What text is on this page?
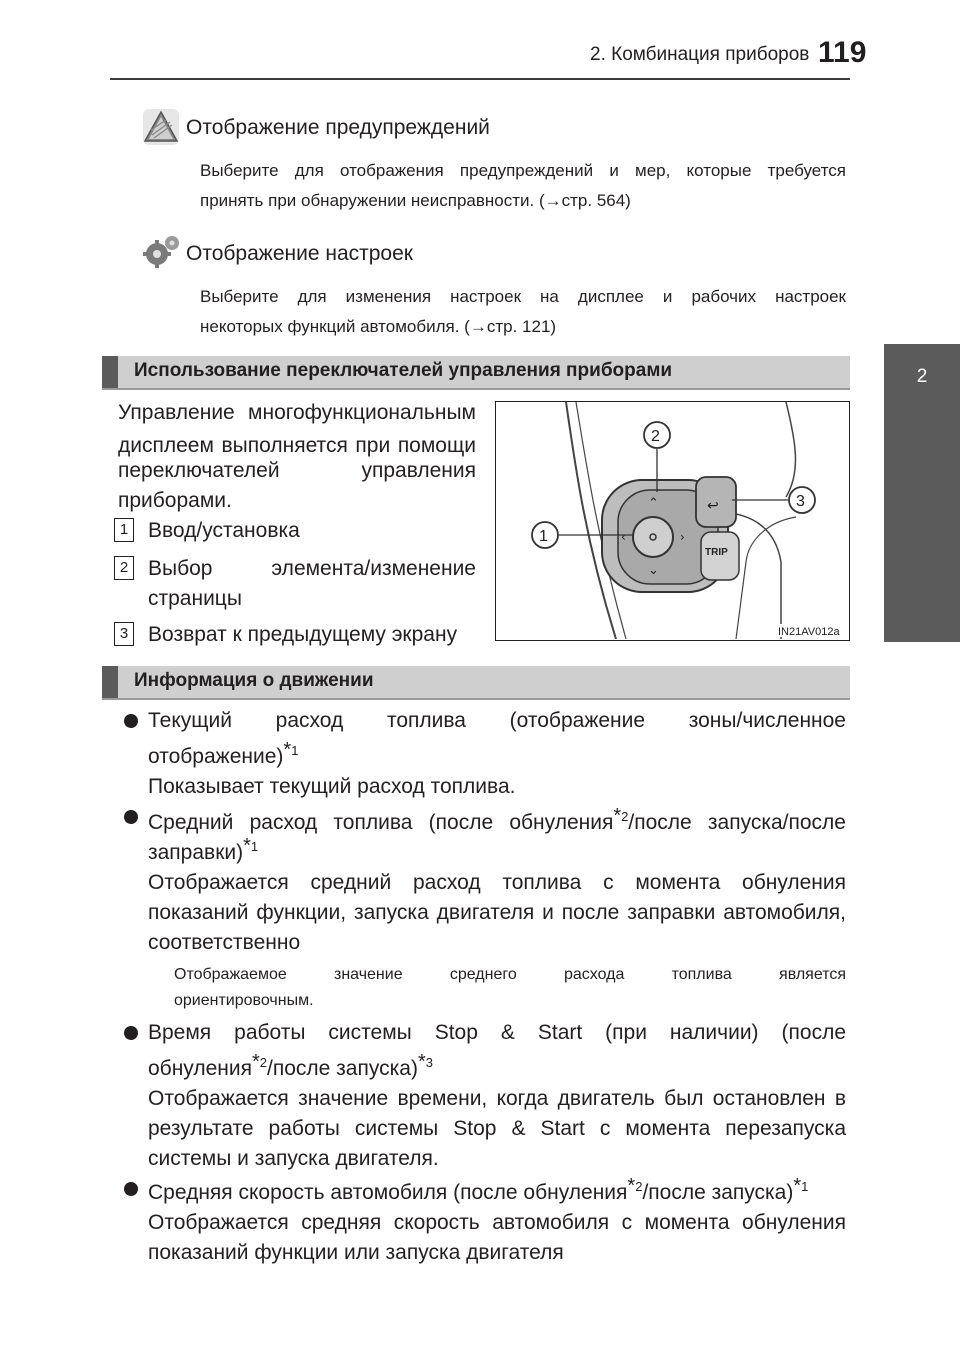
2. Комбинация приборов 119
2
Отображение предупреждений
Выберите для отображения предупреждений и мер, которые требуется
принять при обнаружении неисправности. (→стр. 564)
Отображение настроек
Выберите для изменения настроек на дисплее и рабочих настроек
некоторых функций автомобиля. (→стр. 121)
Использование переключателей управления приборами
Управление многофункциональным
дисплеем выполняется при помощи
переключателей управления
приборами.
1 Ввод/установка
2 Выбор элемента/изменение
страницы
3 Возврат к предыдущему экрану
⌃
⌄
‹	›
↩
TRIP
2
1
3
IN21AV012a
Информация о движении
Текущий расход топлива (отображение зоны/численное
отображение)*$^1$
Показывает текущий расход топлива.
Средний расход топлива (после обнуления*$^2$/после запуска/после
заправки)*$^1$
Отображается средний расход топлива с момента обнуления
показаний функции, запуска двигателя и после заправки автомобиля,
соответственно
Отображаемое значение среднего расхода топлива является
ориентировочным.
Время работы системы Stop & Start (при наличии) (после
обнуления*$^2$/после запуска)*$^3$
Отображается значение времени, когда двигатель был остановлен в
результате работы системы Stop & Start с момента перезапуска
системы и запуска двигателя.
Средняя скорость автомобиля (после обнуления*$^2$/после запуска)*$^1$
Отображается средняя скорость автомобиля с момента обнуления
показаний функции или запуска двигателя
